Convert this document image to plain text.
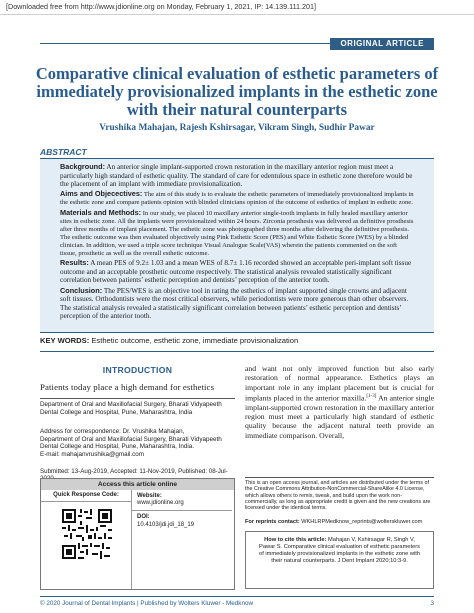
[Downloaded free from http://www.jdionline.org on Monday, February 1, 2021, IP: 14.139.111.201]
ORIGINAL ARTICLE
Comparative clinical evaluation of esthetic parameters of immediately provisionalized implants in the esthetic zone with their natural counterparts
Vrushika Mahajan, Rajesh Kshirsagar, Vikram Singh, Sudhir Pawar
ABSTRACT

Background: An anterior single implant-supported crown restoration in the maxillary anterior region must meet a particularly high standard of esthetic quality. The standard of care for edentulous space in esthetic zone therefore would be the placement of an implant with immediate provisionalization.

Aims and Objecectives: The aim of this study is to evaluate the esthetic parameters of immediately provisionalized implants in the esthetic zone and compare patients opinion with blinded clinicians opinion of the outcome of esthetics of implant in esthetic zone.

Materials and Methods: In our study, we placed 10 maxillary anterior single-tooth implants in fully healed maxillary anterior sites in esthetic zone. All the implants were provisionalized within 24 hours. Zirconia prosthesis was delivered as definitive prosthesis after three months of implant placement. The esthetic zone was photographed three months after delivering the definitive prosthesis. The esthetic outcome was then evaluated objectively using Pink Esthetic Score (PES) and White Esthetic Score (WES) by a blinded clinician. In addition, we used a triple score technique Visual Analogue Scale(VAS) wherein the patients commented on the soft tissue, prosthetic as well as the overall esthetic outcome.

Results: A mean PES of 9.2± 1.03 and a mean WES of 8.7± 1.16 recorded showed an acceptable peri-implant soft tissue outcome and an acceptable prosthetic outcome respectively. The statistical analysis revealed statistically significant correlation between patients’ esthetic perception and dentists’ perception of the anterior tooth.

Conclusion: The PES/WES is an objective tool in rating the esthetics of implant supported single crowns and adjacent soft tissues. Orthodontists were the most critical observers, while periodontists were more generous than other observers. The statistical analysis revealed a statistically significant correlation between patients’ esthetic perception and dentists’ perception of the anterior tooth.

KEY WORDS: Esthetic outcome, esthetic zone, immediate provisionalization
INTRODUCTION
Patients today place a high demand for esthetics
Department of Oral and Maxillofacial Surgery, Bharati Vidyapeeth Dental College and Hospital, Pune, Maharashtra, India
Address for correspondence: Dr. Vrushika Mahajan,
Department of Oral and Maxillofacial Surgery, Bharati Vidyapeeth Dental College and Hospital, Pune, Maharashtra, India.
E-mail: mahajanvrushika@gmail.com
Submitted: 13-Aug-2019, Accepted: 11-Nov-2019, Published: 08-Jul-
Access this article online
Quick Response Code:	Website:
www.jdionline.org
DOI:
10.4103/jdi.jdi_18_19

and want not only improved function but also early restoration of normal appearance. Esthetics plays an important role in any implant placement but is crucial for implants placed in the anterior maxilla.[1-3] An anterior single implant-supported crown restoration in the maxillary anterior region must meet a particularly high standard of esthetic quality because the adjacent natural teeth provide an immediate comparison. Overall,

This is an open access journal, and articles are distributed under the terms of the Creative Commons Attribution-NonCommercial-ShareAlike 4.0 License, which allows others to remix, tweak, and build upon the work non-commercially, as long as appropriate credit is given and the new creations are licensed under the identical terms.
For reprints contact: WKHLRPMedknow_reprints@wolterskluwer.com
How to cite this article: Mahajan V, Kshirsagar R, Singh V, Pawar S. Comparative clinical evaluation of esthetic parameters of immediately provisionalized implants in the esthetic zone with their natural counterparts. J Dent Implant 2020;10:3-9.
© 2020 Journal of Dental Implants | Published by Wolters Kluwer - Medknow	3
